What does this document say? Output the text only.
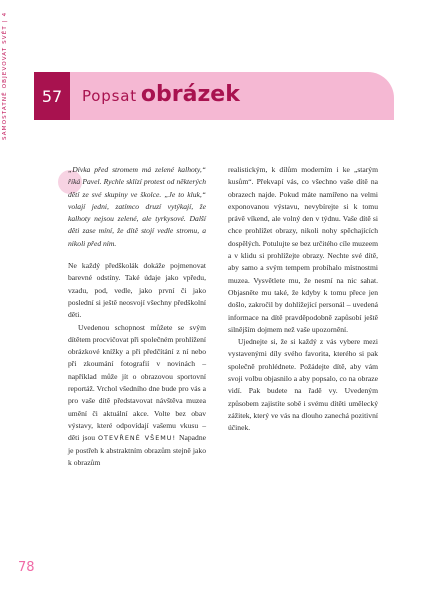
SAMOSTATNĚ OBJEVOVAT SVĚT | 4	57 Popsat obrázek

„Dívka před stromem má zelené kalhoty,“ říká Pavel. Rychle sklízí protest od některých dětí ze své skupiny ve školce. „Je to kluk,“ volají jedni, zatímco druzí vytýkají, že kalhoty nejsou zelené, ale tyrkysové. Další děti zase míní, že dítě stojí vedle stromu, a nikoli před ním.

Ne každý předškolák dokáže pojmenovat barevné odstíny. Také údaje jako vpředu, vzadu, pod, vedle, jako první či jako poslední si ještě neosvojí všechny předškolní děti.

Uvedenou schopnost můžete se svým dítětem procvičovat při společném prohlížení obrázkové knížky a při předčítání z ní nebo při zkoumání fotografií v novinách – například může jít o obrazovou sportovní reportáž. Vrchol všedního dne bude pro vás a pro vaše dítě představovat návštěva muzea umění či aktuální akce. Volte bez obav výstavy, které odpovídají vašemu vkusu – děti jsou OTEVŘENÉ VŠEMU! Napadne je postřeh k abstraktním obrazům stejně jako k obrazům

realistickým, k dílům moderním i ke „starým kusům“. Překvapí vás, co všechno vaše dítě na obrazech najde. Pokud máte namířeno na velmi exponovanou výstavu, nevybírejte si k tomu právě víkend, ale volný den v týdnu. Vaše dítě si chce prohlížet obrazy, nikoli nohy spěchajících dospělých. Potulujte se bez určitého cíle muzeem a v klidu si prohlížejte obrazy. Nechte své dítě, aby samo a svým tempem probíhalo místnostmi muzea. Vysvětlete mu, že nesmí na nic sahat. Objasněte mu také, že kdyby k tomu přece jen došlo, zakročil by dohlížející personál – uvedená informace na dítě pravděpodobně zapůsobí ještě silnějším dojmem než vaše upozornění.

Ujednejte si, že si každý z vás vybere mezi vystavenými díly svého favorita, kterého si pak společně prohlédnete. Požádejte dítě, aby vám svoji volbu objasnilo a aby popsalo, co na obraze vidí. Pak budete na řadě vy. Uvedeným způsobem zajistíte sobě i svému dítěti umělecký zážitek, který ve vás na dlouho zanechá pozitivní účinek.

78
